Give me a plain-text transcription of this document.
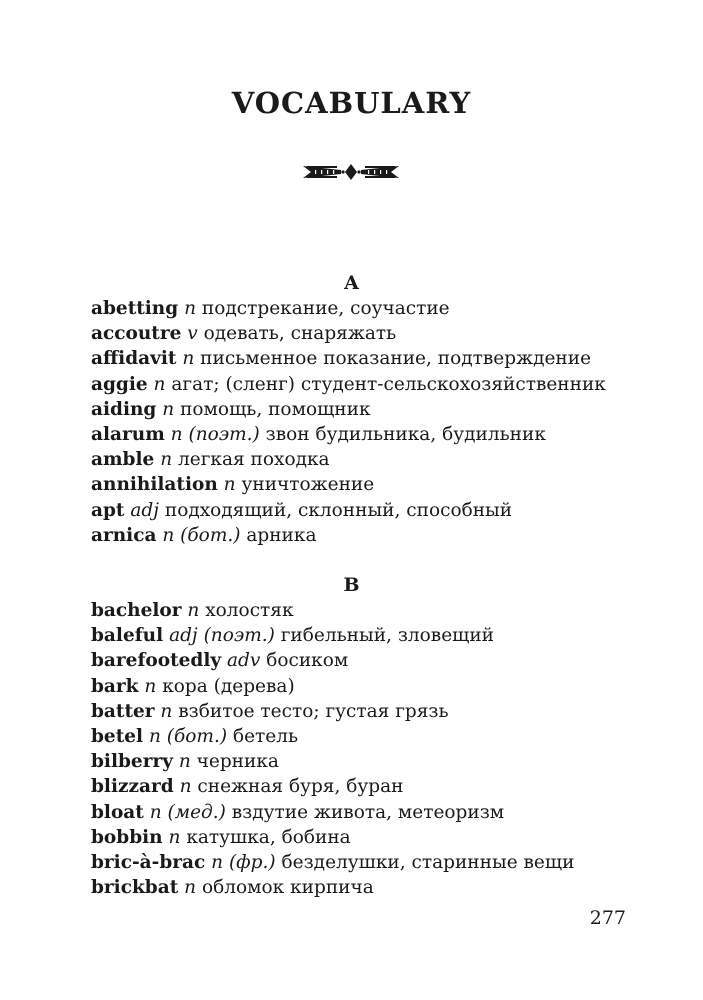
VOCABULARY
A
abetting n подстрекание, соучастие
accoutre v одевать, снаряжать
affidavit n письменное показание, подтверждение
aggie n агат; (сленг) студент-сельскохозяйственник
aiding n помощь, помощник
alarum n (поэт.) звон будильника, будильник
amble n легкая походка
annihilation n уничтожение
apt adj подходящий, склонный, способный
arnica n (бот.) арника
B
bachelor n холостяк
baleful adj (поэт.) гибельный, зловещий
barefootedly adv босиком
bark n кора (дерева)
batter n взбитое тесто; густая грязь
betel n (бот.) бетель
bilberry n черника
blizzard n снежная буря, буран
bloat n (мед.) вздутие живота, метеоризм
bobbin n катушка, бобина
bric-à-brac n (фр.) безделушки, старинные вещи
brickbat n обломок кирпича
277
